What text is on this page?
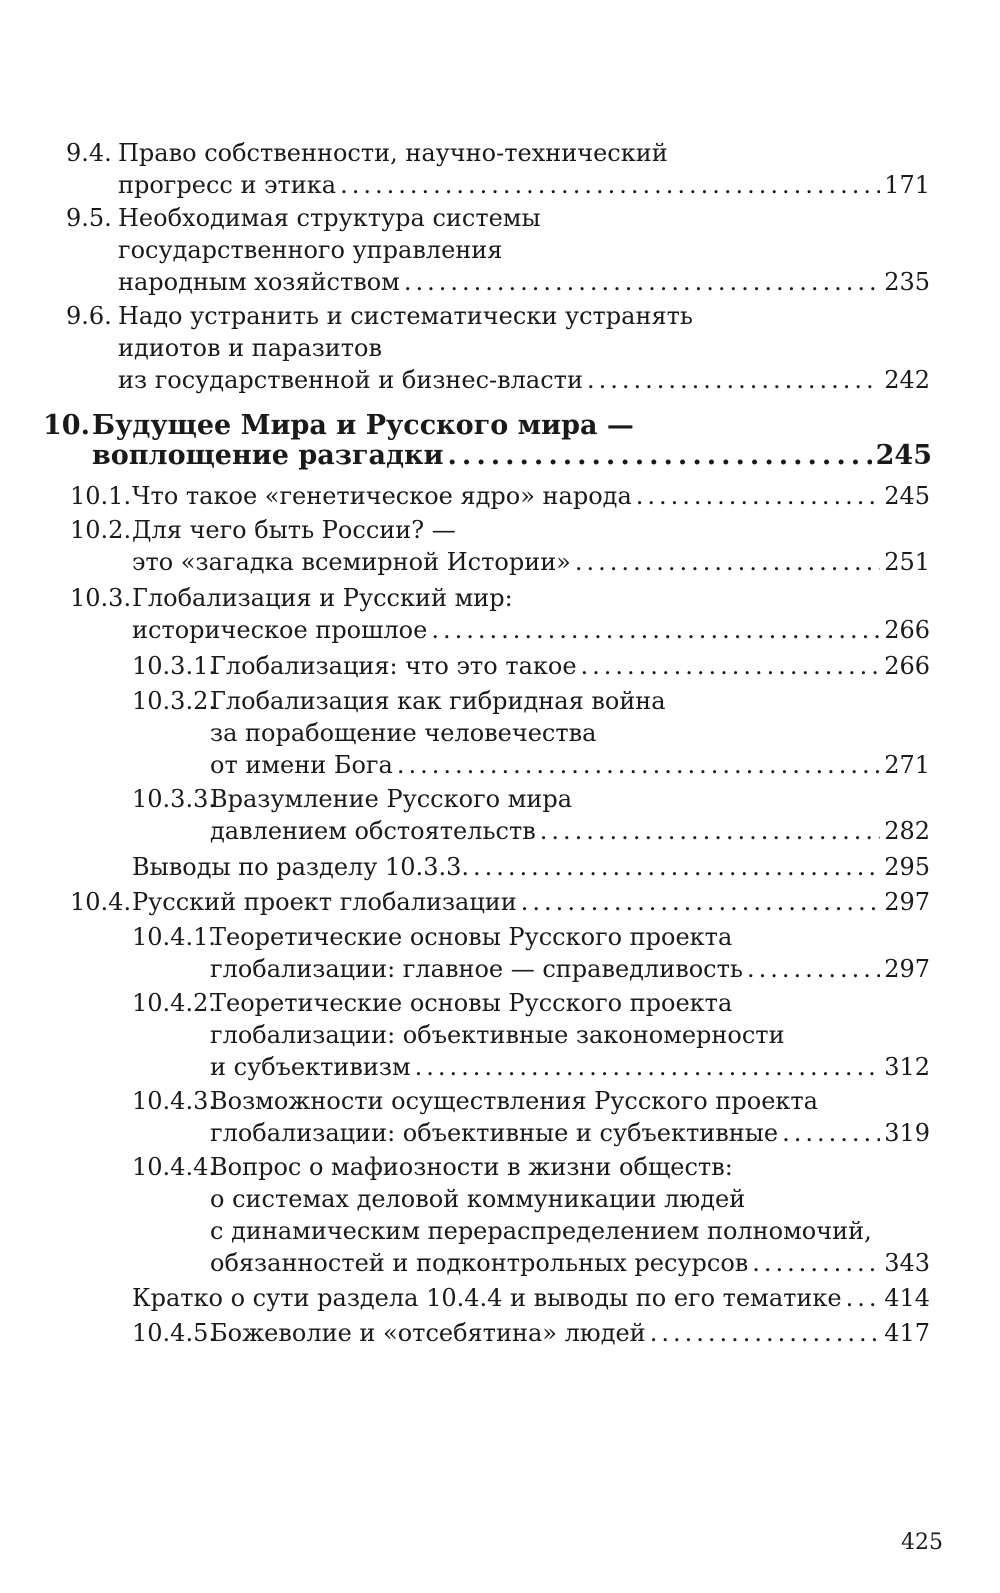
9.4. Право собственности, научно-технический
прогресс и этика .....	171
9.5. Необходимая структура системы
государственного управления
народным хозяйством .....	235
9.6. Надо устранить и систематически устранять
идиотов и паразитов
из государственной и бизнес-власти .....	242
10. Будущее Мира и Русского мира —
воплощение разгадки .....	245
10.1. Что такое «генетическое ядро» народа .....	245
10.2. Для чего быть России? —
это «загадка всемирной Истории» .....	251
10.3. Глобализация и Русский мир:
историческое прошлое .....	266
10.3.1.
Глобализация: что это такое .....	266
10.3.2.
Глобализация как гибридная война
за порабощение человечества
от имени Бога .....	271
10.3.3.
Вразумление Русского мира
давлением обстоятельств .....	282
Выводы по разделу 10.3.3. .....	295
10.4. Русский проект глобализации .....	297
10.4.1.
Теоретические основы Русского проекта
глобализации: главное — справедливость .....	297
10.4.2.
Теоретические основы Русского проекта
глобализации: объективные закономерности
и субъективизм .....	312
10.4.3.
Возможности осуществления Русского проекта
глобализации: объективные и субъективные .....	319
10.4.4.
Вопрос о мафиозности в жизни обществ:
о системах деловой коммуникации людей
с динамическим перераспределением полномочий,
обязанностей и подконтрольных ресурсов .....	343
Кратко о сути раздела 10.4.4 и выводы по его тематике ..... 414
10.4.5.
Божеволие и «отсебятина» людей .....	417
425
